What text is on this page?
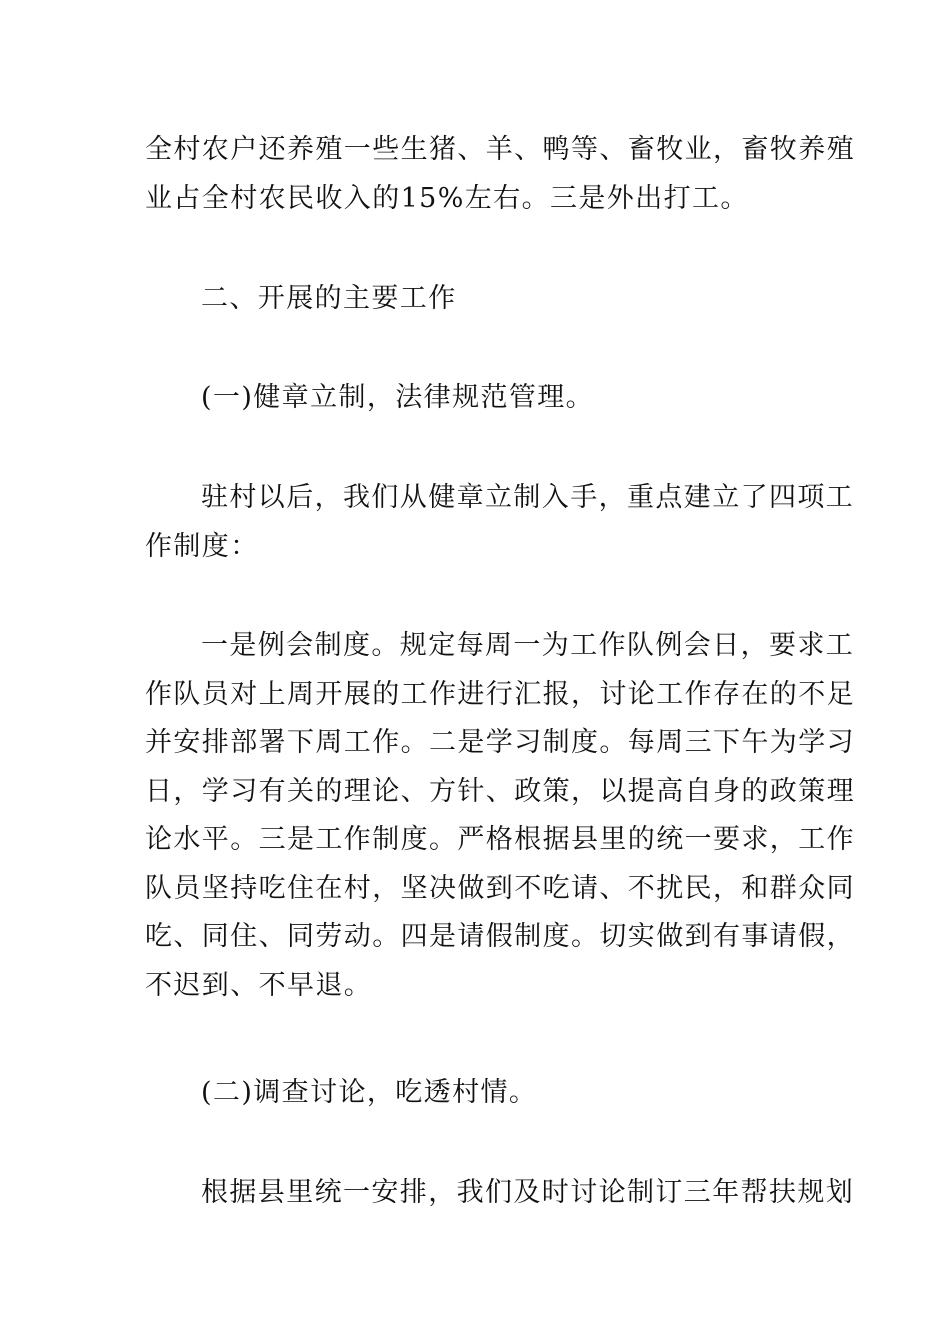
全村农户还养殖一些生猪、羊、鸭等、畜牧业，畜牧养殖
业占全村农民收入的15%左右。三是外出打工。
二、开展的主要工作
(一)健章立制，法律规范管理。
驻村以后，我们从健章立制入手，重点建立了四项工
作制度：
一是例会制度。规定每周一为工作队例会日，要求工
作队员对上周开展的工作进行汇报，讨论工作存在的不足
并安排部署下周工作。二是学习制度。每周三下午为学习
日，学习有关的理论、方针、政策，以提高自身的政策理
论水平。三是工作制度。严格根据县里的统一要求，工作
队员坚持吃住在村，坚决做到不吃请、不扰民，和群众同
吃、同住、同劳动。四是请假制度。切实做到有事请假，
不迟到、不早退。
(二)调查讨论，吃透村情。
根据县里统一安排，我们及时讨论制订三年帮扶规划
